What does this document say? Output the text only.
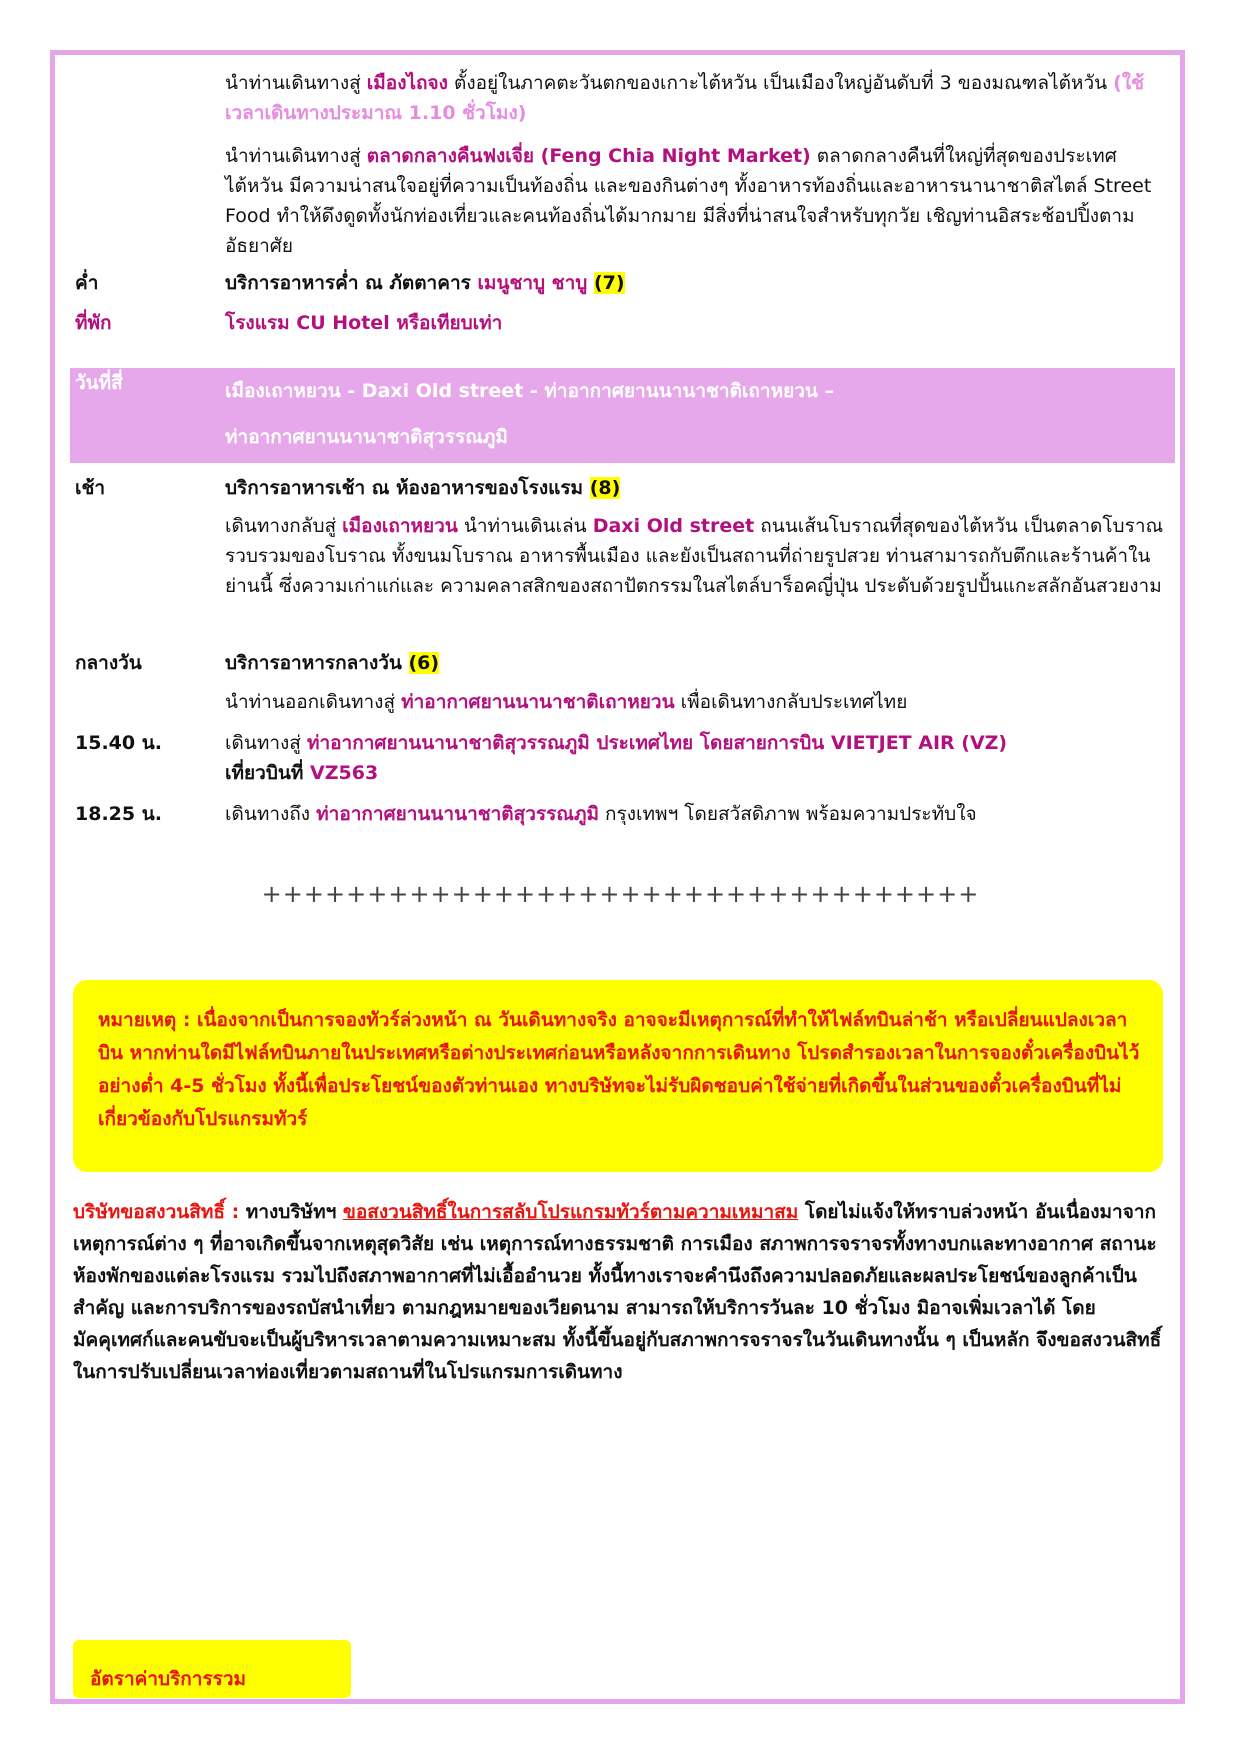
นำท่านเดินทางสู่ เมืองไถจง ตั้งอยู่ในภาคตะวันตกของเกาะไต้หวัน เป็นเมืองใหญ่อันดับที่ 3 ของมณฑลไต้หวัน (ใช้เวลาเดินทางประมาณ 1.10 ชั่วโมง)
นำท่านเดินทางสู่ ตลาดกลางคืนฟงเจี่ย (Feng Chia Night Market) ตลาดกลางคืนที่ใหญ่ที่สุดของประเทศไต้หวัน มีความน่าสนใจอยู่ที่ความเป็นท้องถิ่น และของกินต่างๆ ทั้งอาหารท้องถิ่นและอาหารนานาชาติสไตล์ Street Food ทำให้ดึงดูดทั้งนักท่องเที่ยวและคนท้องถิ่นได้มากมาย มีสิ่งที่น่าสนใจสำหรับทุกวัย เชิญท่านอิสระช้อปปิ้งตามอัธยาศัย
ค่ำ	บริการอาหารค่ำ ณ ภัตตาคาร เมนูชาบู ชาบู (7)
ที่พัก	โรงแรม CU Hotel หรือเทียบเท่า
วันที่สี่	เมืองเถาหยวน - Daxi Old street - ท่าอากาศยานนานาชาติเถาหยวน –
ท่าอากาศยานนานาชาติสุวรรณภูมิ
เช้า	บริการอาหารเช้า ณ ห้องอาหารของโรงแรม (8)
เดินทางกลับสู่ เมืองเถาหยวน นำท่านเดินเล่น Daxi Old street ถนนเส้นโบราณที่สุดของไต้หวัน เป็นตลาดโบราณ รวบรวมของโบราณ ทั้งขนมโบราณ อาหารพื้นเมือง และยังเป็นสถานที่ถ่ายรูปสวย ท่านสามารถกับตึกและร้านค้าในย่านนี้ ซึ่งความเก่าแก่และ ความคลาสสิกของสถาปัตกรรมในสไตล์บาร็อคญี่ปุ่น ประดับด้วยรูปปั้นแกะสลักอันสวยงาม
กลางวัน	บริการอาหารกลางวัน (6)
นำท่านออกเดินทางสู่ ท่าอากาศยานนานาชาติเถาหยวน เพื่อเดินทางกลับประเทศไทย
15.40 น.	เดินทางสู่ ท่าอากาศยานนานาชาติสุวรรณภูมิ ประเทศไทย โดยสายการบิน VIETJET AIR (VZ)
เที่ยวบินที่ VZ563
18.25 น.	เดินทางถึง ท่าอากาศยานนานาชาติสุวรรณภูมิ กรุงเทพฯ โดยสวัสดิภาพ พร้อมความประทับใจ
++++++++++++++++++++++++++++++++++
หมายเหตุ : เนื่องจากเป็นการจองทัวร์ล่วงหน้า ณ วันเดินทางจริง อาจจะมีเหตุการณ์ที่ทำให้ไฟล์ทบินล่าช้า หรือเปลี่ยนแปลงเวลาบิน หากท่านใดมีไฟล์ทบินภายในประเทศหรือต่างประเทศก่อนหรือหลังจากการเดินทาง โปรดสำรองเวลาในการจองตั๋วเครื่องบินไว้อย่างต่ำ 4-5 ชั่วโมง ทั้งนี้เพื่อประโยชน์ของตัวท่านเอง ทางบริษัทจะไม่รับผิดชอบค่าใช้จ่ายที่เกิดขึ้นในส่วนของตั๋วเครื่องบินที่ไม่เกี่ยวข้องกับโปรแกรมทัวร์
บริษัทขอสงวนสิทธิ์ : ทางบริษัทฯ ขอสงวนสิทธิ์ในการสลับโปรแกรมทัวร์ตามความเหมาสม โดยไม่แจ้งให้ทราบล่วงหน้า อันเนื่องมาจากเหตุการณ์ต่าง ๆ ที่อาจเกิดขึ้นจากเหตุสุดวิสัย เช่น เหตุการณ์ทางธรรมชาติ การเมือง สภาพการจราจรทั้งทางบกและทางอากาศ สถานะห้องพักของแต่ละโรงแรม รวมไปถึงสภาพอากาศที่ไม่เอื้ออำนวย ทั้งนี้ทางเราจะคำนึงถึงความปลอดภัยและผลประโยชน์ของลูกค้าเป็นสำคัญ และการบริการของรถบัสนำเที่ยว ตามกฎหมายของเวียดนาม สามารถให้บริการวันละ 10 ชั่วโมง มิอาจเพิ่มเวลาได้ โดยมัคคุเทศก์และคนขับจะเป็นผู้บริหารเวลาตามความเหมาะสม ทั้งนี้ขึ้นอยู่กับสภาพการจราจรในวันเดินทางนั้น ๆ เป็นหลัก จึงขอสงวนสิทธิ์ในการปรับเปลี่ยนเวลาท่องเที่ยวตามสถานที่ในโปรแกรมการเดินทาง
อัตราค่าบริการรวม
